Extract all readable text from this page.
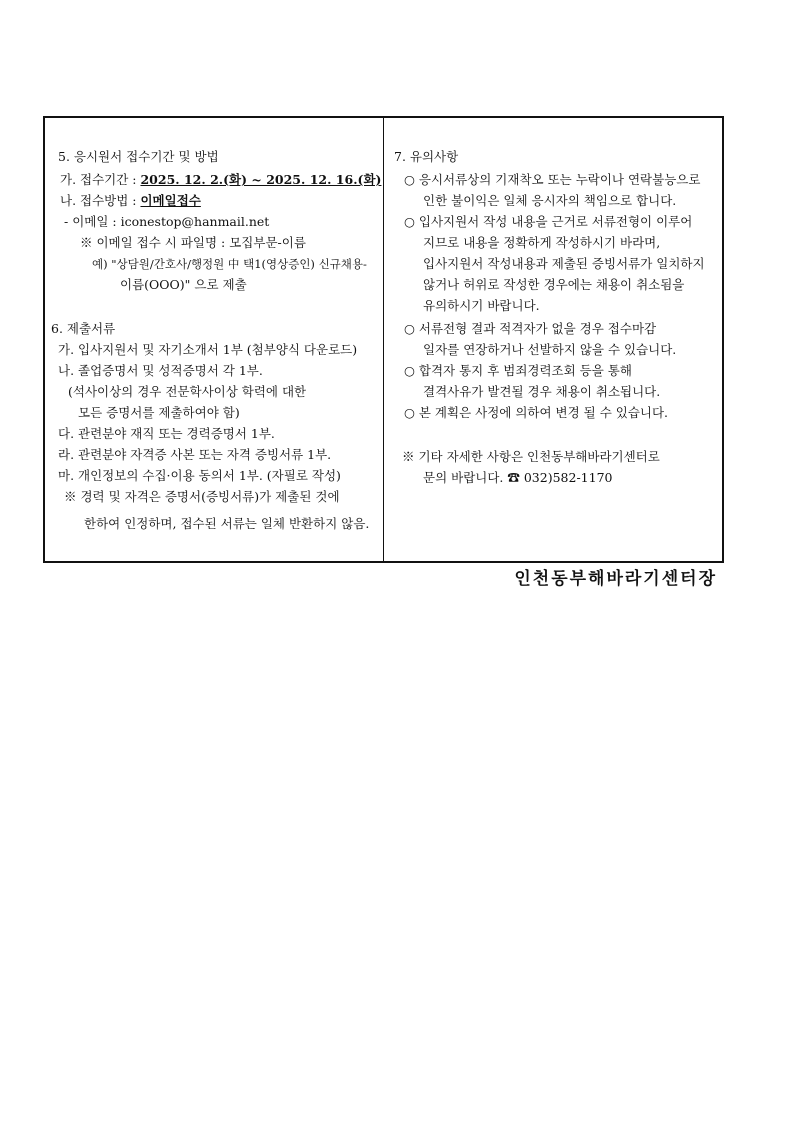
5. 응시원서 접수기간 및 방법
가. 접수기간 : 2025. 12. 2.(화) ~ 2025. 12. 16.(화)
나. 접수방법 : 이메일접수
- 이메일 : iconestop@hanmail.net
※ 이메일 접수 시 파일명 : 모집부문-이름
예) "상담원/간호사/행정원 中 택1(영상증인) 신규채용-
이름(OOO)" 으로 제출
6. 제출서류
가. 입사지원서 및 자기소개서 1부 (첨부양식 다운로드)
나. 졸업증명서 및 성적증명서 각 1부.
(석사이상의 경우 전문학사이상 학력에 대한
모든 증명서를 제출하여야 함)
다. 관련분야 재직 또는 경력증명서 1부.
라. 관련분야 자격증 사본 또는 자격 증빙서류 1부.
마. 개인정보의 수집·이용 동의서 1부. (자필로 작성)
※ 경력 및 자격은 증명서(증빙서류)가 제출된 것에
한하여 인정하며, 접수된 서류는 일체 반환하지 않음.
7. 유의사항
○ 응시서류상의 기재착오 또는 누락이나 연락불능으로
인한 불이익은 일체 응시자의 책임으로 합니다.
○ 입사지원서 작성 내용을 근거로 서류전형이 이루어
지므로 내용을 정확하게 작성하시기 바라며,
입사지원서 작성내용과 제출된 증빙서류가 일치하지
않거나 허위로 작성한 경우에는 채용이 취소됨을
유의하시기 바랍니다.
○ 서류전형 결과 적격자가 없을 경우 접수마감
일자를 연장하거나 선발하지 않을 수 있습니다.
○ 합격자 통지 후 범죄경력조회 등을 통해
결격사유가 발견될 경우 채용이 취소됩니다.
○ 본 계획은 사정에 의하여 변경 될 수 있습니다.
※ 기타 자세한 사항은 인천동부해바라기센터로
문의 바랍니다. ☎ 032)582-1170
인천동부해바라기센터장
